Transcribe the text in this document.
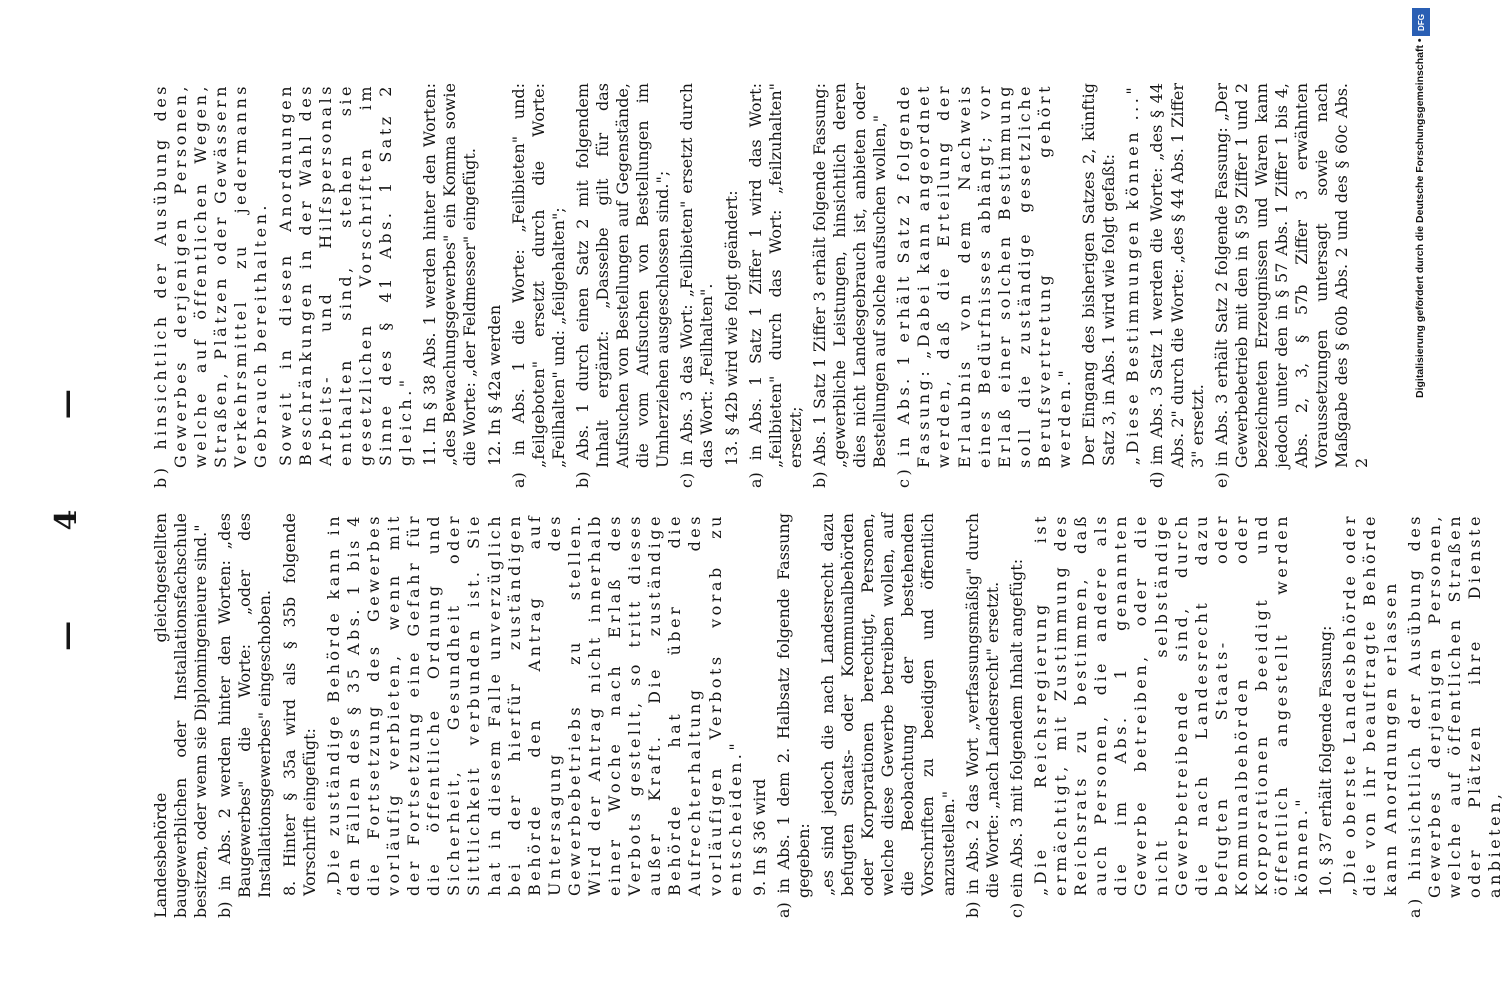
— 4 —

Landesbehörde gleichgestellten baugewerblichen oder Installationsfachschule besitzen, oder wenn sie Diplomingenieure sind." b) in Abs. 2 werden hinter den Worten: „des Baugewerbes" die Worte: „oder des Installationsgewerbes" eingeschoben. 8. Hinter § 35a wird als § 35b folgende Vorschrift eingefügt: „Die zuständige Behörde kann in den Fällen des § 35 Abs. 1 bis 4 die Fortsetzung des Gewerbes vorläufig verbieten, wenn mit der Fortsetzung eine Gefahr für die öffentliche Ordnung und Sicherheit, Gesundheit oder Sittlichkeit verbunden ist. Sie hat in diesem Falle unverzüglich bei der hierfür zuständigen Behörde den Antrag auf Untersagung des Gewerbebetriebs zu stellen. Wird der Antrag nicht innerhalb einer Woche nach Erlaß des Verbots gestellt, so tritt dieses außer Kraft. Die zuständige Behörde hat über die Aufrechterhaltung des vorläufigen Verbots vorab zu entscheiden." 9. In § 36 wird a) in Abs. 1 dem 2. Halbsatz folgende Fassung gegeben: „es sind jedoch die nach Landesrecht dazu befugten Staats- oder Kommunalbehörden oder Korporationen berechtigt, Personen, welche diese Gewerbe betreiben wollen, auf die Beobachtung der bestehenden Vorschriften zu beeidigen und öffentlich anzustellen." b) in Abs. 2 das Wort „verfassungsmäßig" durch die Worte: „nach Landesrecht" ersetzt. c) ein Abs. 3 mit folgendem Inhalt angefügt: „Die Reichsregierung ist ermächtigt, mit Zustimmung des Reichsrats zu bestimmen, daß auch Personen, die andere als die im Abs. 1 genannten Gewerbe betreiben, oder die nicht selbständige Gewerbetreibende sind, durch die nach Landesrecht dazu befugten Staats- oder Kommunalbehörden oder Korporationen beeidigt und öffentlich angestellt werden können." 10. § 37 erhält folgende Fassung: „Die oberste Landesbehörde oder die von ihr beauftragte Behörde kann Anordnungen erlassen a) hinsichtlich der Ausübung des Gewerbes derjenigen Personen, welche auf öffentlichen Straßen oder Plätzen ihre Dienste anbieten,

b) hinsichtlich der Ausübung des Gewerbes derjenigen Personen, welche auf öffentlichen Wegen, Straßen, Plätzen oder Gewässern Verkehrsmittel zu jedermanns Gebrauch bereithalten. Soweit in diesen Anordnungen Beschränkungen in der Wahl des Arbeits- und Hilfspersonals enthalten sind, stehen sie gesetzlichen Vorschriften im Sinne des § 41 Abs. 1 Satz 2 gleich." 11. In § 38 Abs. 1 werden hinter den Worten: „des Bewachungsgewerbes" ein Komma sowie die Worte: „der Feldmesser" eingefügt. 12. In § 42a werden a) in Abs. 1 die Worte: „Feilbieten" und: „feilgeboten" ersetzt durch die Worte: „Feilhalten" und: „feilgehalten"; b) Abs. 1 durch einen Satz 2 mit folgendem Inhalt ergänzt: „Dasselbe gilt für das Aufsuchen von Bestellungen auf Gegenstände, die vom Aufsuchen von Bestellungen im Umherziehen ausgeschlossen sind."; c) in Abs. 3 das Wort: „Feilbieten" ersetzt durch das Wort: „Feilhalten". 13. § 42b wird wie folgt geändert: a) in Abs. 1 Satz 1 Ziffer 1 wird das Wort: „feilbieten" durch das Wort: „feilzuhalten" ersetzt; b) Abs. 1 Satz 1 Ziffer 3 erhält folgende Fassung: „gewerbliche Leistungen, hinsichtlich deren dies nicht Landesgebrauch ist, anbieten oder Bestellungen auf solche aufsuchen wollen," c) in Abs. 1 erhält Satz 2 folgende Fassung: „Dabei kann angeordnet werden, daß die Erteilung der Erlaubnis von dem Nachweis eines Bedürfnisses abhängt; vor Erlaß einer solchen Bestimmung soll die zuständige gesetzliche Berufsvertretung gehört werden." Der Eingang des bisherigen Satzes 2, künftig Satz 3, in Abs. 1 wird wie folgt gefaßt: „Diese Bestimmungen können ..." d) im Abs. 3 Satz 1 werden die Worte: „des § 44 Abs. 2" durch die Worte: „des § 44 Abs. 1 Ziffer 3" ersetzt. e) in Abs. 3 erhält Satz 2 folgende Fassung: „Der Gewerbebetrieb mit den in § 59 Ziffer 1 und 2 bezeichneten Erzeugnissen und Waren kann jedoch unter den in § 57 Abs. 1 Ziffer 1 bis 4, Abs. 2, 3, § 57b Ziffer 3 erwähnten Voraussetzungen untersagt sowie nach Maßgabe des § 60b Abs. 2 und des § 60c Abs. 2

DFG
Digitalisierung gefördert durch die Deutsche Forschungsgemeinschaft •
